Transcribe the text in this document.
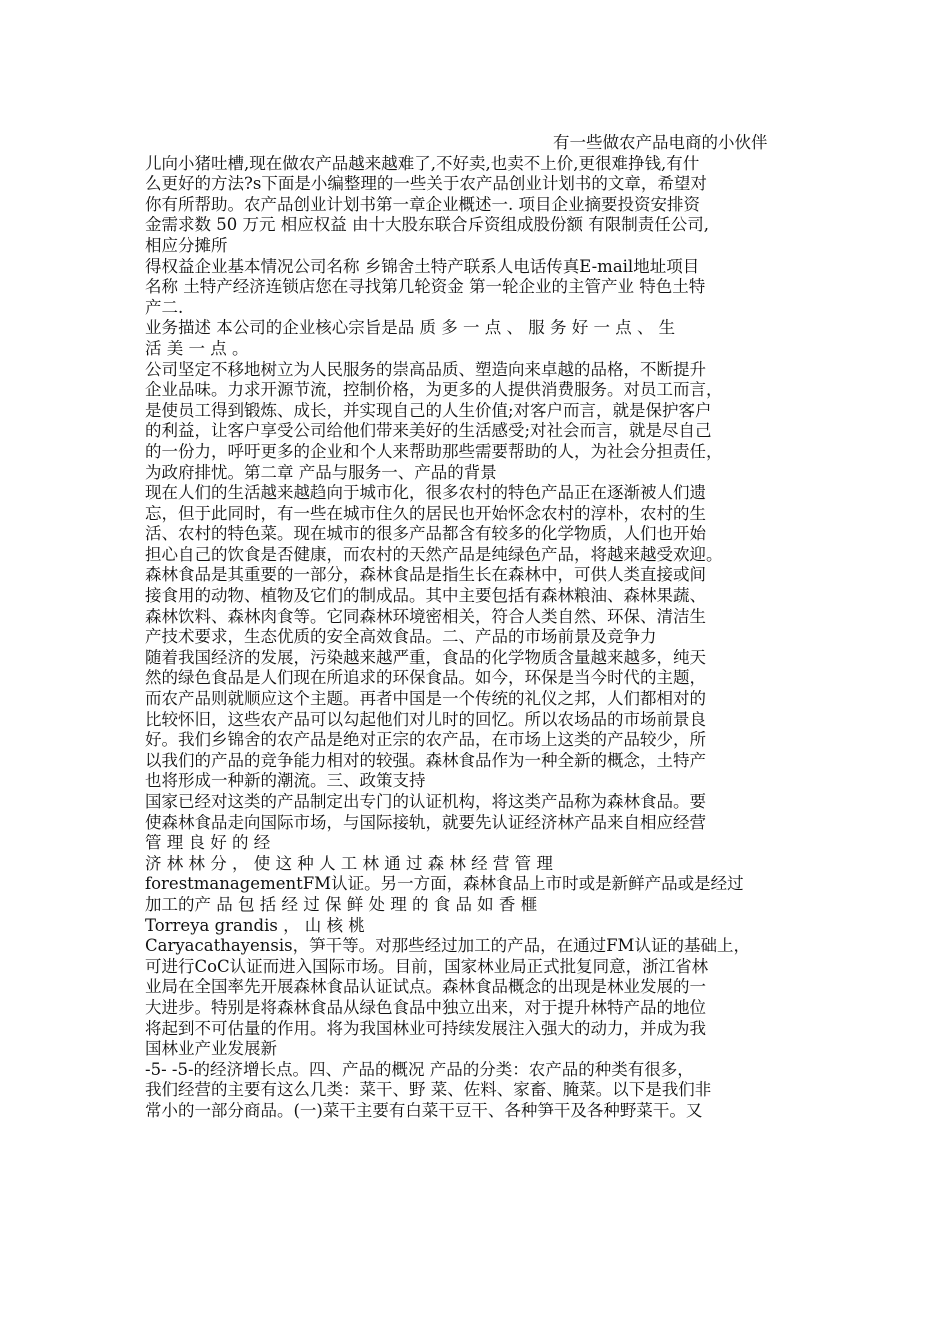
有一些做农产品电商的小伙伴
儿向小猪吐槽,现在做农产品越来越难了,不好卖,也卖不上价,更很难挣钱,有什
么更好的方法?s下面是小编整理的一些关于农产品创业计划书的文章，希望对
你有所帮助。农产品创业计划书第一章企业概述一. 项目企业摘要投资安排资
金需求数 50 万元 相应权益 由十大股东联合斥资组成股份额 有限制责任公司,
相应分摊所
得权益企业基本情况公司名称 乡锦舍土特产联系人电话传真E-mail地址项目
名称 土特产经济连锁店您在寻找第几轮资金 第一轮企业的主管产业 特色土特
产二.
业务描述 本公司的企业核心宗旨是品 质 多 一 点 、 服 务 好 一 点 、 生
活 美 一 点 。
公司坚定不移地树立为人民服务的崇高品质、塑造向来卓越的品格，不断提升
企业品味。力求开源节流，控制价格，为更多的人提供消费服务。对员工而言，
是使员工得到锻炼、成长，并实现自己的人生价值;对客户而言，就是保护客户
的利益，让客户享受公司给他们带来美好的生活感受;对社会而言，就是尽自己
的一份力，呼吁更多的企业和个人来帮助那些需要帮助的人，为社会分担责任，
为政府排忧。第二章 产品与服务一、产品的背景
现在人们的生活越来越趋向于城市化，很多农村的特色产品正在逐渐被人们遗
忘，但于此同时，有一些在城市住久的居民也开始怀念农村的淳朴，农村的生
活、农村的特色菜。现在城市的很多产品都含有较多的化学物质，人们也开始
担心自己的饮食是否健康，而农村的天然产品是纯绿色产品，将越来越受欢迎。
森林食品是其重要的一部分，森林食品是指生长在森林中，可供人类直接或间
接食用的动物、植物及它们的制成品。其中主要包括有森林粮油、森林果蔬、
森林饮料、森林肉食等。它同森林环境密相关，符合人类自然、环保、清洁生
产技术要求，生态优质的安全高效食品。二、产品的市场前景及竞争力
随着我国经济的发展，污染越来越严重，食品的化学物质含量越来越多，纯天
然的绿色食品是人们现在所追求的环保食品。如今，环保是当今时代的主题，
而农产品则就顺应这个主题。再者中国是一个传统的礼仪之邦，人们都相对的
比较怀旧，这些农产品可以勾起他们对儿时的回忆。所以农场品的市场前景良
好。我们乡锦舍的农产品是绝对正宗的农产品，在市场上这类的产品较少，所
以我们的产品的竞争能力相对的较强。森林食品作为一种全新的概念，土特产
也将形成一种新的潮流。三、政策支持
国家已经对这类的产品制定出专门的认证机构，将这类产品称为森林食品。要
使森林食品走向国际市场，与国际接轨，就要先认证经济林产品来自相应经营
管 理 良 好 的 经
济 林 林 分 ， 使 这 种 人 工 林 通 过 森 林 经 营 管 理
forestmanagementFM认证。另一方面，森林食品上市时或是新鲜产品或是经过
加工的产 品 包 括 经 过 保 鲜 处 理 的 食 品 如 香 榧
Torreya grandis ， 山 核 桃
Caryacathayensis，笋干等。对那些经过加工的产品，在通过FM认证的基础上，
可进行CoC认证而进入国际市场。目前，国家林业局正式批复同意，浙江省林
业局在全国率先开展森林食品认证试点。森林食品概念的出现是林业发展的一
大进步。特别是将森林食品从绿色食品中独立出来，对于提升林特产品的地位
将起到不可估量的作用。将为我国林业可持续发展注入强大的动力，并成为我
国林业产业发展新
-5- -5-的经济增长点。四、产品的概况 产品的分类：农产品的种类有很多，
我们经营的主要有这么几类：菜干、野 菜、佐料、家畜、腌菜。以下是我们非
常小的一部分商品。(一)菜干主要有白菜干豆干、各种笋干及各种野菜干。又
